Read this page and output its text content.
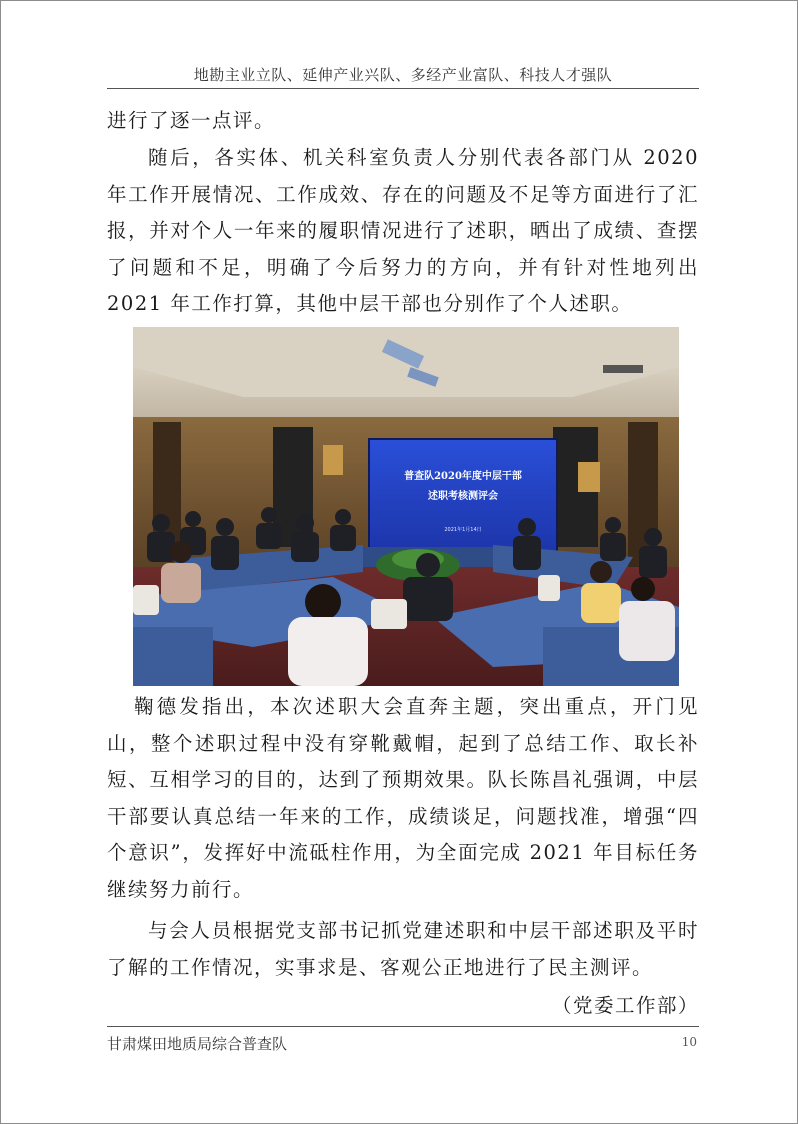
地勘主业立队、延伸产业兴队、多经产业富队、科技人才强队
进行了逐一点评。
随后，各实体、机关科室负责人分别代表各部门从 2020 年工作开展情况、工作成效、存在的问题及不足等方面进行了汇报，并对个人一年来的履职情况进行了述职，晒出了成绩、查摆了问题和不足，明确了今后努力的方向，并有针对性地列出 2021 年工作打算，其他中层干部也分别作了个人述职。
普查队2020年度中层干部
述职考核测评会
2021年1月14日
鞠德发指出，本次述职大会直奔主题，突出重点，开门见山，整个述职过程中没有穿靴戴帽，起到了总结工作、取长补短、互相学习的目的，达到了预期效果。队长陈昌礼强调，中层干部要认真总结一年来的工作，成绩谈足，问题找准，增强“四个意识”，发挥好中流砥柱作用，为全面完成 2021 年目标任务继续努力前行。
与会人员根据党支部书记抓党建述职和中层干部述职及平时了解的工作情况，实事求是、客观公正地进行了民主测评。
（党委工作部）
甘肃煤田地质局综合普查队	10
